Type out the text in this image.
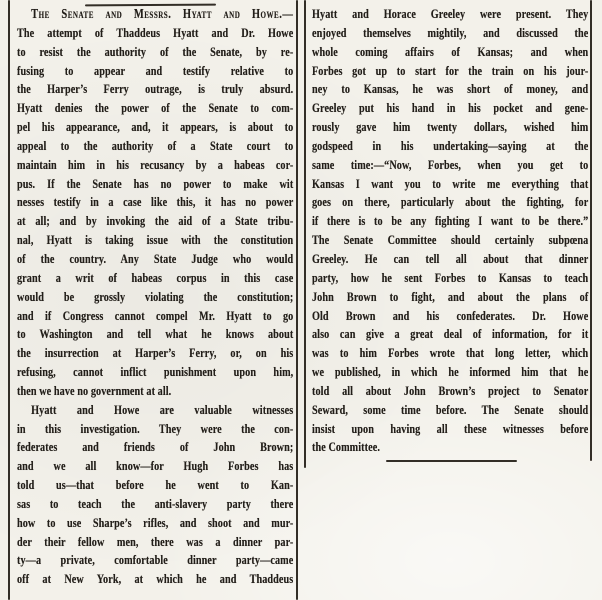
The Senate and Messrs. Hyatt and Howe.—
The attempt of Thaddeus Hyatt and Dr. Howe
to resist the authority of the Senate, by re-
fusing to appear and testify relative to
the Harper’s Ferry outrage, is truly absurd.
Hyatt denies the power of the Senate to com-
pel his appearance, and, it appears, is about to
appeal to the authority of a State court to
maintain him in his recusancy by a habeas cor-
pus. If the Senate has no power to make wit
nesses testify in a case like this, it has no power
at all; and by invoking the aid of a State tribu-
nal, Hyatt is taking issue with the constitution
of the country. Any State Judge who would
grant a writ of habeas corpus in this case
would be grossly violating the constitution;
and if Congress cannot compel Mr. Hyatt to go
to Washington and tell what he knows about
the insurrection at Harper’s Ferry, or, on his
refusing, cannot inflict punishment upon him,
then we have no government at all.
Hyatt and Howe are valuable witnesses
in this investigation. They were the con-
federates and friends of John Brown;
and we all know—for Hugh Forbes has
told us—that before he went to Kan-
sas to teach the anti-slavery party there
how to use Sharpe’s rifles, and shoot and mur-
der their fellow men, there was a dinner par-
ty—a private, comfortable dinner party—came
off at New York, at which he and Thaddeus
Hyatt and Horace Greeley were present. They
enjoyed themselves mightily, and discussed the
whole coming affairs of Kansas; and when
Forbes got up to start for the train on his jour-
ney to Kansas, he was short of money, and
Greeley put his hand in his pocket and gene-
rously gave him twenty dollars, wished him
godspeed in his undertaking—saying at the
same time:—“Now, Forbes, when you get to
Kansas I want you to write me everything that
goes on there, particularly about the fighting, for
if there is to be any fighting I want to be there.”
The Senate Committee should certainly subpœna
Greeley. He can tell all about that dinner
party, how he sent Forbes to Kansas to teach
John Brown to fight, and about the plans of
Old Brown and his confederates. Dr. Howe
also can give a great deal of information, for it
was to him Forbes wrote that long letter, which
we published, in which he informed him that he
told all about John Brown’s project to Senator
Seward, some time before. The Senate should
insist upon having all these witnesses before
the Committee.
